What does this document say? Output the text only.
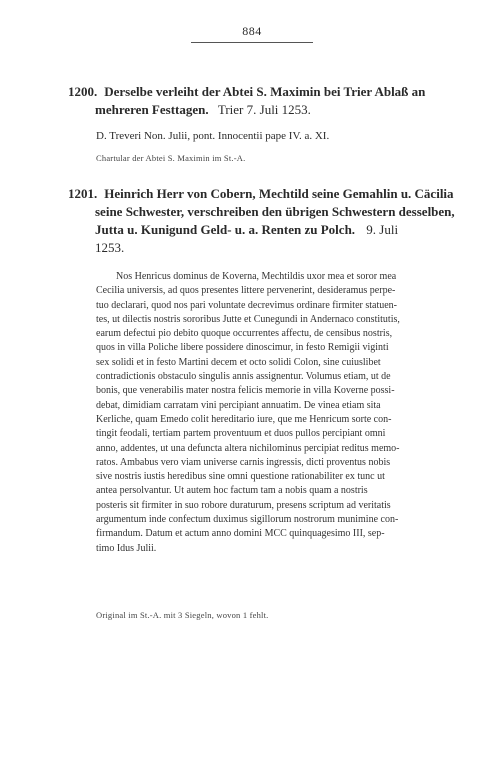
884
1200. Derselbe verleiht der Abtei S. Maximin bei Trier Ablaß an
mehreren Festtagen. Trier 7. Juli 1253.
D. Treveri Non. Julii, pont. Innocentii pape IV. a. XI.
Chartular der Abtei S. Maximin im St.-A.
1201. Heinrich Herr von Cobern, Mechtild seine Gemahlin u. Cäcilia
seine Schwester, verschreiben den übrigen Schwestern desselben,
Jutta u. Kunigund Geld- u. a. Renten zu Polch. 9. Juli
1253.
Nos Henricus dominus de Koverna, Mechtildis uxor mea et soror mea
Cecilia universis, ad quos presentes littere pervenerint, desideramus perpe-
tuo declarari, quod nos pari voluntate decrevimus ordinare firmiter statuen-
tes, ut dilectis nostris sororibus Jutte et Cunegundi in Andernaco constitutis,
earum defectui pio debito quoque occurrentes affectu, de censibus nostris,
quos in villa Poliche libere possidere dinoscimur, in festo Remigii viginti
sex solidi et in festo Martini decem et octo solidi Colon, sine cuiuslibet
contradictionis obstaculo singulis annis assignentur. Volumus etiam, ut de
bonis, que venerabilis mater nostra felicis memorie in villa Koverne possi-
debat, dimidiam carratam vini percipiant annuatim. De vinea etiam sita
Kerliche, quam Emedo colit hereditario iure, que me Henricum sorte con-
tingit feodali, tertiam partem proventuum et duos pullos percipiant omni
anno, addentes, ut una defuncta altera nichilominus percipiat reditus memo-
ratos. Ambabus vero viam universe carnis ingressis, dicti proventus nobis
sive nostris iustis heredibus sine omni questione rationabiliter ex tunc ut
antea persolvantur. Ut autem hoc factum tam a nobis quam a nostris
posteris sit firmiter in suo robore duraturum, presens scriptum ad veritatis
argumentum inde confectum duximus sigillorum nostrorum munimine con-
firmandum. Datum et actum anno domini MCC quinquagesimo III, sep-
timo Idus Julii.
Original im St.-A. mit 3 Siegeln, wovon 1 fehlt.
